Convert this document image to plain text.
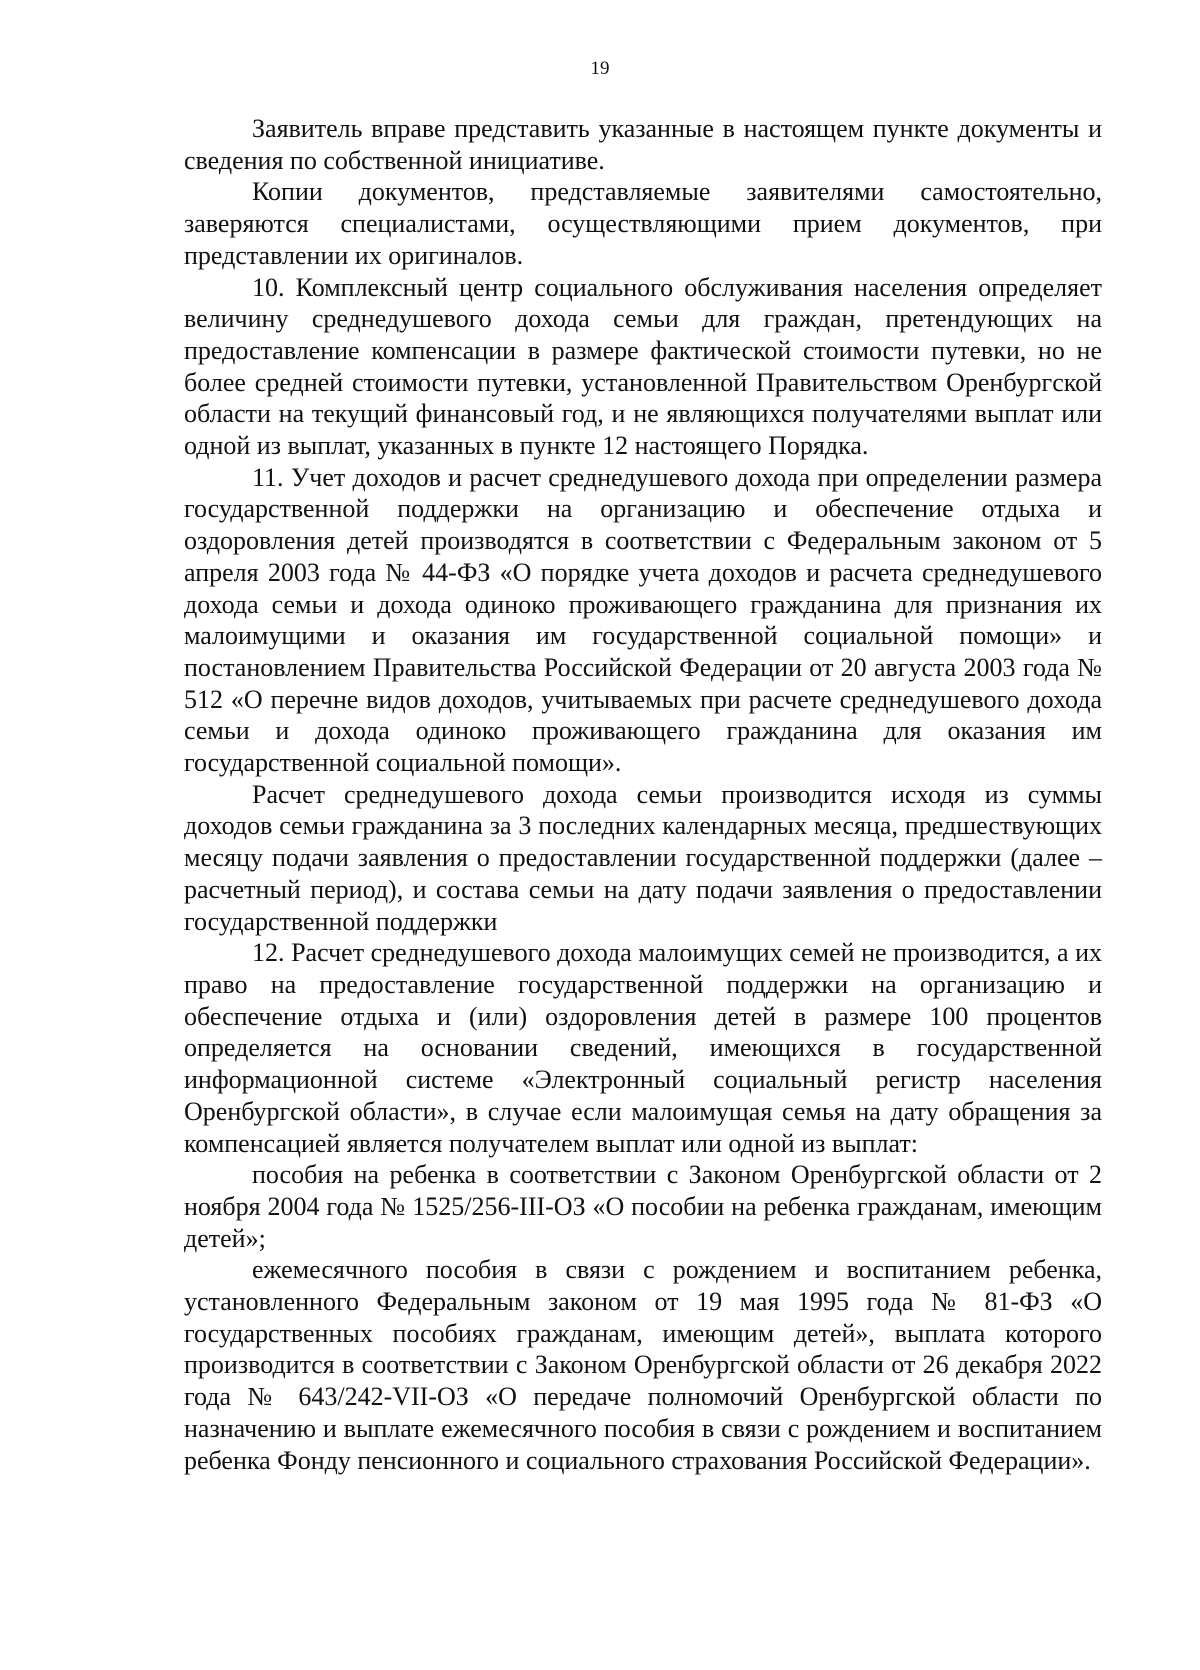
19

Заявитель вправе представить указанные в настоящем пункте документы и сведения по собственной инициативе.

Копии документов, представляемые заявителями самостоятельно, заверяются специалистами, осуществляющими прием документов, при представлении их оригиналов.

10. Комплексный центр социального обслуживания населения определяет величину среднедушевого дохода семьи для граждан, претендующих на предоставление компенсации в размере фактической стоимости путевки, но не более средней стоимости путевки, установленной Правительством Оренбургской области на текущий финансовый год, и не являющихся получателями выплат или одной из выплат, указанных в пункте 12 настоящего Порядка.

11. Учет доходов и расчет среднедушевого дохода при определении размера государственной поддержки на организацию и обеспечение отдыха и оздоровления детей производятся в соответствии с Федеральным законом от 5 апреля 2003 года № 44-ФЗ «О порядке учета доходов и расчета среднедушевого дохода семьи и дохода одиноко проживающего гражданина для признания их малоимущими и оказания им государственной социальной помощи» и постановлением Правительства Российской Федерации от 20 августа 2003 года № 512 «О перечне видов доходов, учитываемых при расчете среднедушевого дохода семьи и дохода одиноко проживающего гражданина для оказания им государственной социальной помощи».

Расчет среднедушевого дохода семьи производится исходя из суммы доходов семьи гражданина за 3 последних календарных месяца, предшествующих месяцу подачи заявления о предоставлении государственной поддержки (далее – расчетный период), и состава семьи на дату подачи заявления о предоставлении государственной поддержки

12. Расчет среднедушевого дохода малоимущих семей не производится, а их право на предоставление государственной поддержки на организацию и обеспечение отдыха и (или) оздоровления детей в размере 100 процентов определяется на основании сведений, имеющихся в государственной информационной системе «Электронный социальный регистр населения Оренбургской области», в случае если малоимущая семья на дату обращения за компенсацией является получателем выплат или одной из выплат:

пособия на ребенка в соответствии с Законом Оренбургской области от 2 ноября 2004 года № 1525/256-III-ОЗ «О пособии на ребенка гражданам, имеющим детей»;

ежемесячного пособия в связи с рождением и воспитанием ребенка, установленного Федеральным законом от 19 мая 1995 года № 81-ФЗ «О государственных пособиях гражданам, имеющим детей», выплата которого производится в соответствии с Законом Оренбургской области от 26 декабря 2022 года № 643/242-VII-ОЗ «О передаче полномочий Оренбургской области по назначению и выплате ежемесячного пособия в связи с рождением и воспитанием ребенка Фонду пенсионного и социального страхования Российской Федерации».
